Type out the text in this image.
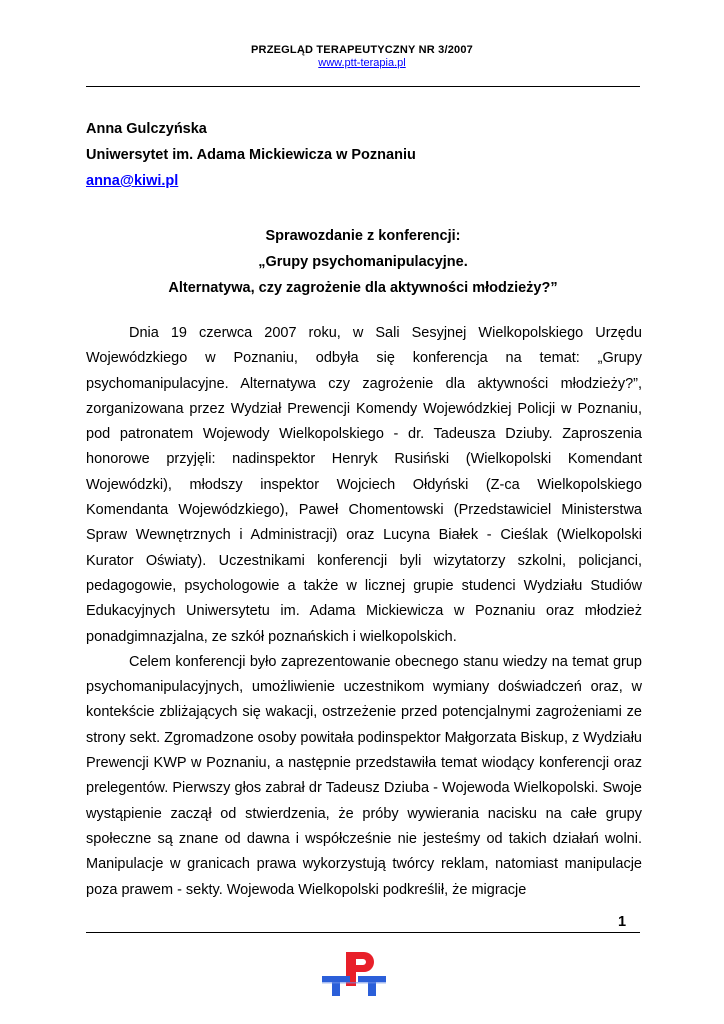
PRZEGLĄD TERAPEUTYCZNY NR 3/2007
www.ptt-terapia.pl
Anna Gulczyńska
Uniwersytet im. Adama Mickiewicza w Poznaniu
anna@kiwi.pl
Sprawozdanie z konferencji:
„Grupy psychomanipulacyjne.
Alternatywa, czy zagrożenie dla aktywności młodzieży?”

Dnia 19 czerwca 2007 roku, w Sali Sesyjnej Wielkopolskiego Urzędu Wojewódzkiego w Poznaniu, odbyła się konferencja na temat: „Grupy psychomanipulacyjne. Alternatywa czy zagrożenie dla aktywności młodzieży?”, zorganizowana przez Wydział Prewencji Komendy Wojewódzkiej Policji w Poznaniu, pod patronatem Wojewody Wielkopolskiego - dr. Tadeusza Dziuby. Zaproszenia honorowe przyjęli: nadinspektor Henryk Rusiński (Wielkopolski Komendant Wojewódzki), młodszy inspektor Wojciech Ołdyński (Z-ca Wielkopolskiego Komendanta Wojewódzkiego), Paweł Chomentowski (Przedstawiciel Ministerstwa Spraw Wewnętrznych i Administracji) oraz Lucyna Białek - Cieślak (Wielkopolski Kurator Oświaty). Uczestnikami konferencji byli wizytatorzy szkolni, policjanci, pedagogowie, psychologowie a także w licznej grupie studenci Wydziału Studiów Edukacyjnych Uniwersytetu im. Adama Mickiewicza w Poznaniu oraz młodzież ponadgimnazjalna, ze szkół poznańskich i wielkopolskich.

Celem konferencji było zaprezentowanie obecnego stanu wiedzy na temat grup psychomanipulacyjnych, umożliwienie uczestnikom wymiany doświadczeń oraz, w kontekście zbliżających się wakacji, ostrzeżenie przed potencjalnymi zagrożeniami ze strony sekt. Zgromadzone osoby powitała podinspektor Małgorzata Biskup, z Wydziału Prewencji KWP w Poznaniu, a następnie przedstawiła temat wiodący konferencji oraz prelegentów. Pierwszy głos zabrał dr Tadeusz Dziuba - Wojewoda Wielkopolski. Swoje wystąpienie zaczął od stwierdzenia, że próby wywierania nacisku na całe grupy społeczne są znane od dawna i współcześnie nie jesteśmy od takich działań wolni. Manipulacje w granicach prawa wykorzystują twórcy reklam, natomiast manipulacje poza prawem - sekty. Wojewoda Wielkopolski podkreślił, że migracje

1
